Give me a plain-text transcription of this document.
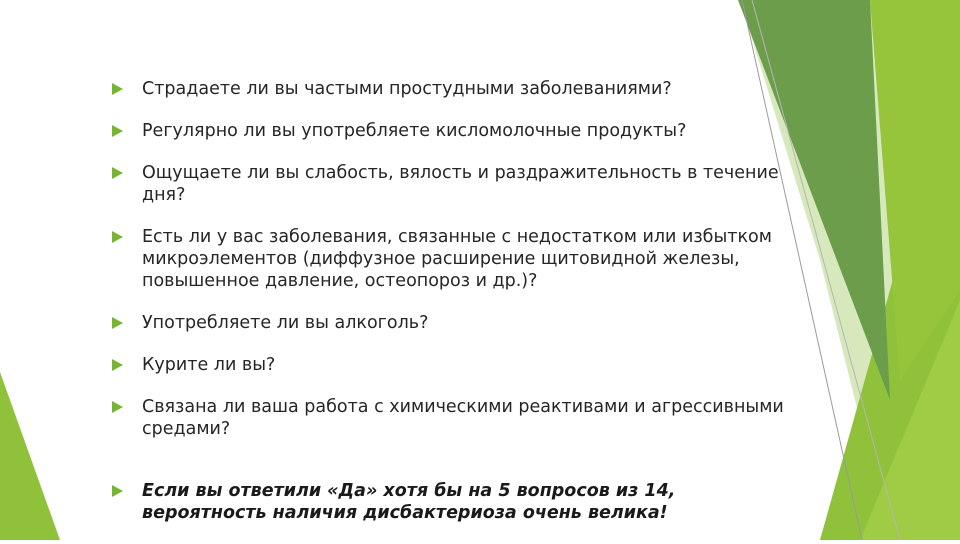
Страдаете ли вы частыми простудными заболеваниями?
Регулярно ли вы употребляете кисломолочные продукты?
Ощущаете ли вы слабость, вялость и раздражительность в течение дня?
Есть ли у вас заболевания, связанные с недостатком или избытком микроэлементов (диффузное расширение щитовидной железы, повышенное давление, остеопороз и др.)?
Употребляете ли вы алкоголь?
Курите ли вы?
Связана ли ваша работа с химическими реактивами и агрессивными средами?
Если вы ответили «Да» хотя бы на 5 вопросов из 14, вероятность наличия дисбактериоза очень велика!
